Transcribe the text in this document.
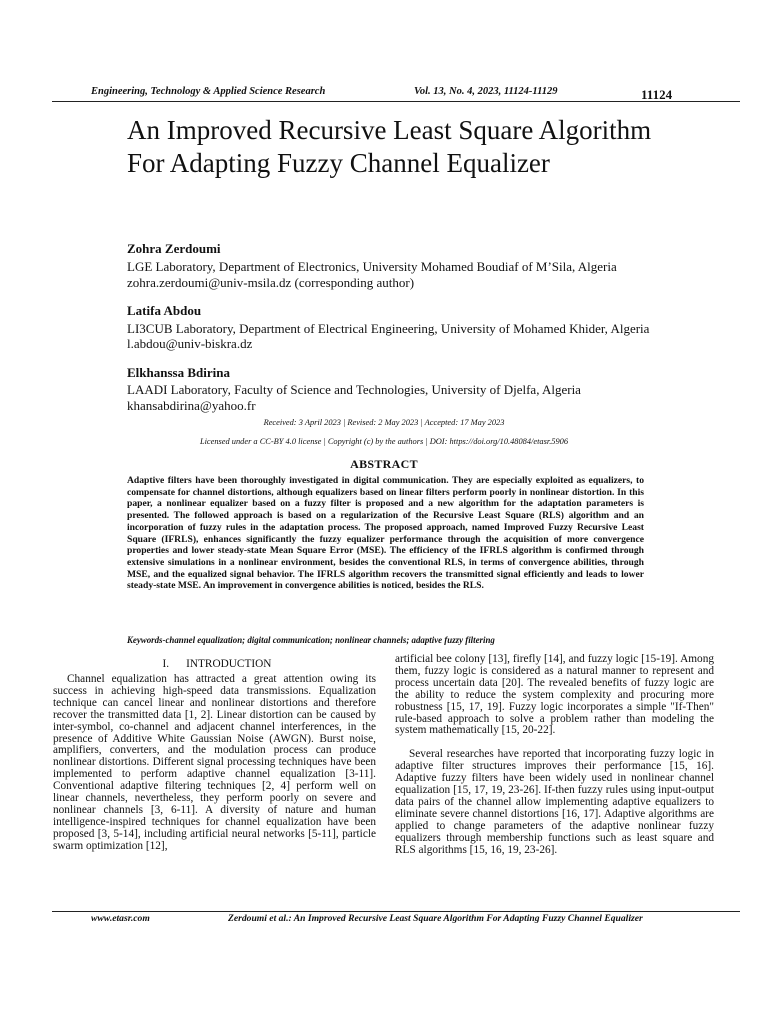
Engineering, Technology & Applied Science Research	Vol. 13, No. 4, 2023, 11124-11129	11124
An Improved Recursive Least Square Algorithm For Adapting Fuzzy Channel Equalizer
Zohra Zerdoumi
LGE Laboratory, Department of Electronics, University Mohamed Boudiaf of M’Sila, Algeria
zohra.zerdoumi@univ-msila.dz (corresponding author)
Latifa Abdou
LI3CUB Laboratory, Department of Electrical Engineering, University of Mohamed Khider, Algeria
l.abdou@univ-biskra.dz
Elkhanssa Bdirina
LAADI Laboratory, Faculty of Science and Technologies, University of Djelfa, Algeria
khansabdirina@yahoo.fr
Received: 3 April 2023 | Revised: 2 May 2023 | Accepted: 17 May 2023
Licensed under a CC-BY 4.0 license | Copyright (c) by the authors | DOI: https://doi.org/10.48084/etasr.5906
ABSTRACT
Adaptive filters have been thoroughly investigated in digital communication. They are especially exploited as equalizers, to compensate for channel distortions, although equalizers based on linear filters perform poorly in nonlinear distortion. In this paper, a nonlinear equalizer based on a fuzzy filter is proposed and a new algorithm for the adaptation parameters is presented. The followed approach is based on a regularization of the Recursive Least Square (RLS) algorithm and an incorporation of fuzzy rules in the adaptation process. The proposed approach, named Improved Fuzzy Recursive Least Square (IFRLS), enhances significantly the fuzzy equalizer performance through the acquisition of more convergence properties and lower steady-state Mean Square Error (MSE). The efficiency of the IFRLS algorithm is confirmed through extensive simulations in a nonlinear environment, besides the conventional RLS, in terms of convergence abilities, through MSE, and the equalized signal behavior. The IFRLS algorithm recovers the transmitted signal efficiently and leads to lower steady-state MSE. An improvement in convergence abilities is noticed, besides the RLS.
Keywords-channel equalization; digital communication; nonlinear channels; adaptive fuzzy filtering
I. INTRODUCTION

Channel equalization has attracted a great attention owing its success in achieving high-speed data transmissions. Equalization technique can cancel linear and nonlinear distortions and therefore recover the transmitted data [1, 2]. Linear distortion can be caused by inter-symbol, co-channel and adjacent channel interferences, in the presence of Additive White Gaussian Noise (AWGN). Burst noise, amplifiers, converters, and the modulation process can produce nonlinear distortions. Different signal processing techniques have been implemented to perform adaptive channel equalization [3-11]. Conventional adaptive filtering techniques [2, 4] perform well on linear channels, nevertheless, they perform poorly on severe and nonlinear channels [3, 6-11]. A diversity of nature and human intelligence-inspired techniques for channel equalization have been proposed [3, 5-14], including artificial neural networks [5-11], particle swarm optimization [12],

artificial bee colony [13], firefly [14], and fuzzy logic [15-19]. Among them, fuzzy logic is considered as a natural manner to represent and process uncertain data [20]. The revealed benefits of fuzzy logic are the ability to reduce the system complexity and procuring more robustness [15, 17, 19]. Fuzzy logic incorporates a simple "If-Then" rule-based approach to solve a problem rather than modeling the system mathematically [15, 20-22].

Several researches have reported that incorporating fuzzy logic in adaptive filter structures improves their performance [15, 16]. Adaptive fuzzy filters have been widely used in nonlinear channel equalization [15, 17, 19, 23-26]. If-then fuzzy rules using input-output data pairs of the channel allow implementing adaptive equalizers to eliminate severe channel distortions [16, 17]. Adaptive algorithms are applied to change parameters of the adaptive nonlinear fuzzy equalizers through membership functions such as least square and RLS algorithms [15, 16, 19, 23-26].

www.etasr.com	Zerdoumi et al.: An Improved Recursive Least Square Algorithm For Adapting Fuzzy Channel Equalizer
